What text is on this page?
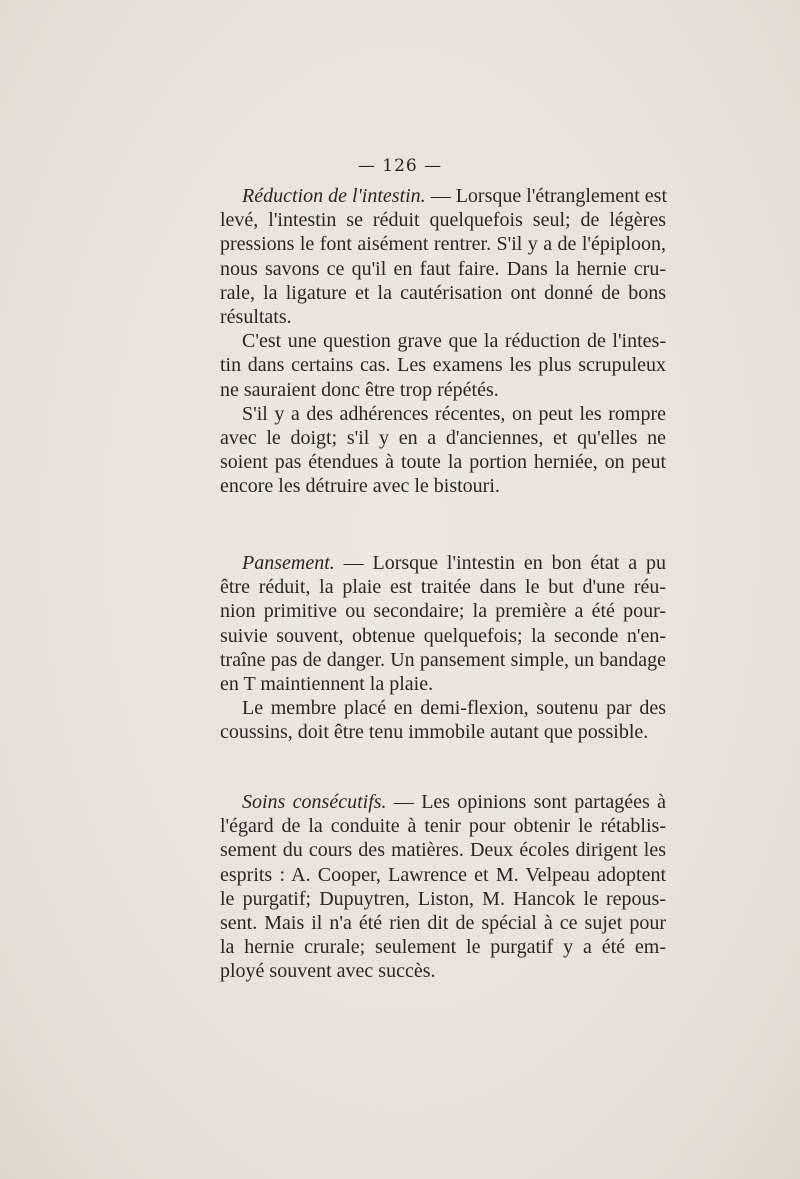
— 126 —
Réduction de l'intestin. — Lorsque l'étranglement est
levé, l'intestin se réduit quelquefois seul; de légères
pressions le font aisément rentrer. S'il y a de l'épiploon,
nous savons ce qu'il en faut faire. Dans la hernie cru-
rale, la ligature et la cautérisation ont donné de bons
résultats.
C'est une question grave que la réduction de l'intes-
tin dans certains cas. Les examens les plus scrupuleux
ne sauraient donc être trop répétés.
S'il y a des adhérences récentes, on peut les rompre
avec le doigt; s'il y en a d'anciennes, et qu'elles ne
soient pas étendues à toute la portion herniée, on peut
encore les détruire avec le bistouri.
Pansement. — Lorsque l'intestin en bon état a pu
être réduit, la plaie est traitée dans le but d'une réu-
nion primitive ou secondaire; la première a été pour-
suivie souvent, obtenue quelquefois; la seconde n'en-
traîne pas de danger. Un pansement simple, un bandage
en T maintiennent la plaie.
Le membre placé en demi-flexion, soutenu par des
coussins, doit être tenu immobile autant que possible.
Soins consécutifs. — Les opinions sont partagées à
l'égard de la conduite à tenir pour obtenir le rétablis-
sement du cours des matières. Deux écoles dirigent les
esprits : A. Cooper, Lawrence et M. Velpeau adoptent
le purgatif; Dupuytren, Liston, M. Hancok le repous-
sent. Mais il n'a été rien dit de spécial à ce sujet pour
la hernie crurale; seulement le purgatif y a été em-
ployé souvent avec succès.
